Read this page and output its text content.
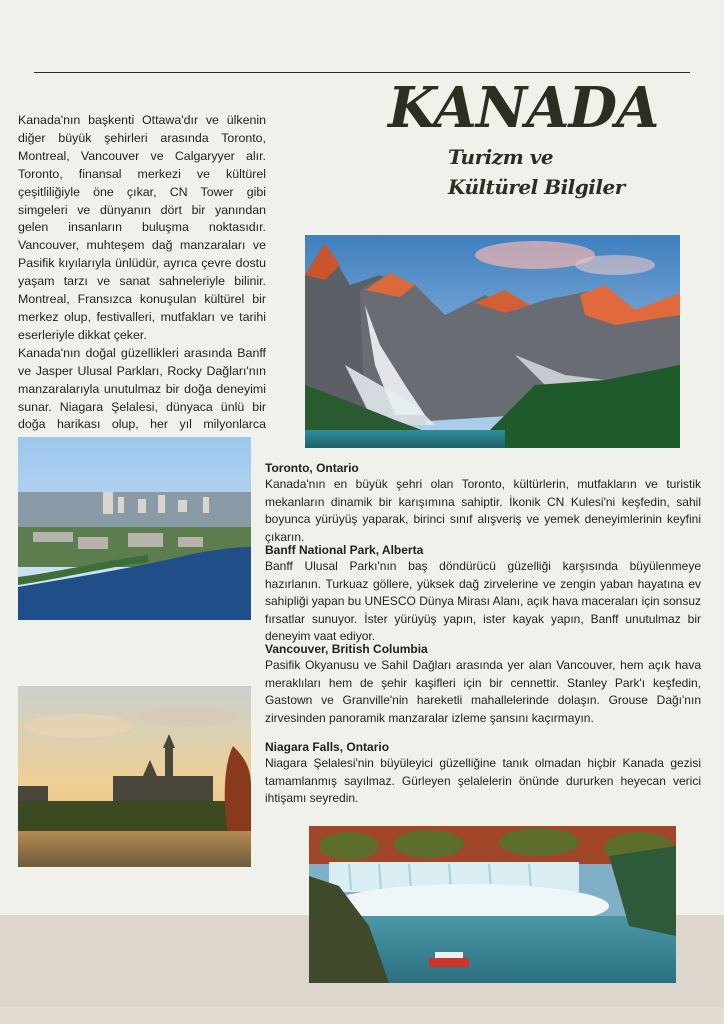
KANADA

Turizm ve Kültürel Bilgiler

Kanada'nın başkenti Ottawa'dır ve ülkenin diğer büyük şehirleri arasında Toronto, Montreal, Vancouver ve Calgaryyer alır. Toronto, finansal merkezi ve kültürel çeşitliliğiyle öne çıkar, CN Tower gibi simgeleri ve dünyanın dört bir yanından gelen insanların buluşma noktasıdır. Vancouver, muhteşem dağ manzaraları ve Pasifik kıyılarıyla ünlüdür, ayrıca çevre dostu yaşam tarzı ve sanat sahneleriyle bilinir. Montreal, Fransızca konuşulan kültürel bir merkez olup, festivalleri, mutfakları ve tarihi eserleriyle dikkat çeker.

Kanada'nın doğal güzellikleri arasında Banff ve Jasper Ulusal Parkları, Rocky Dağları'nın manzaralarıyla unutulmaz bir doğa deneyimi sunar. Niagara Şelalesi, dünyaca ünlü bir doğa harikası olup, her yıl milyonlarca

Toronto, Ontario

Kanada'nın en büyük şehri olan Toronto, kültürlerin, mutfakların ve turistik mekanların dinamik bir karışımına sahiptir. İkonik CN Kulesi'ni keşfedin, sahil boyunca yürüyüş yaparak, birinci sınıf alışveriş ve yemek deneyimlerinin keyfini çıkarın.

Banff National Park, Alberta

Banff Ulusal Parkı'nın baş döndürücü güzelliği karşısında büyülenmeye hazırlanın. Turkuaz göllere, yüksek dağ zirvelerine ve zengin yaban hayatına ev sahipliği yapan bu UNESCO Dünya Mirası Alanı, açık hava maceraları için sonsuz fırsatlar sunuyor. İster yürüyüş yapın, ister kayak yapın, Banff unutulmaz bir deneyim vaat ediyor.

Vancouver, British Columbia

Pasifik Okyanusu ve Sahil Dağları arasında yer alan Vancouver, hem açık hava meraklıları hem de şehir kaşifleri için bir cennettir. Stanley Park'ı keşfedin, Gastown ve Granville'nin hareketli mahallelerinde dolaşın. Grouse Dağı'nın zirvesinden panoramik manzaralar izleme şansını kaçırmayın.

Niagara Falls, Ontario

Niagara Şelalesi'nin büyüleyici güzelliğine tanık olmadan hiçbir Kanada gezisi tamamlanmış sayılmaz. Gürleyen şelalelerin önünde dururken heyecan verici ihtişamı seyredin.
